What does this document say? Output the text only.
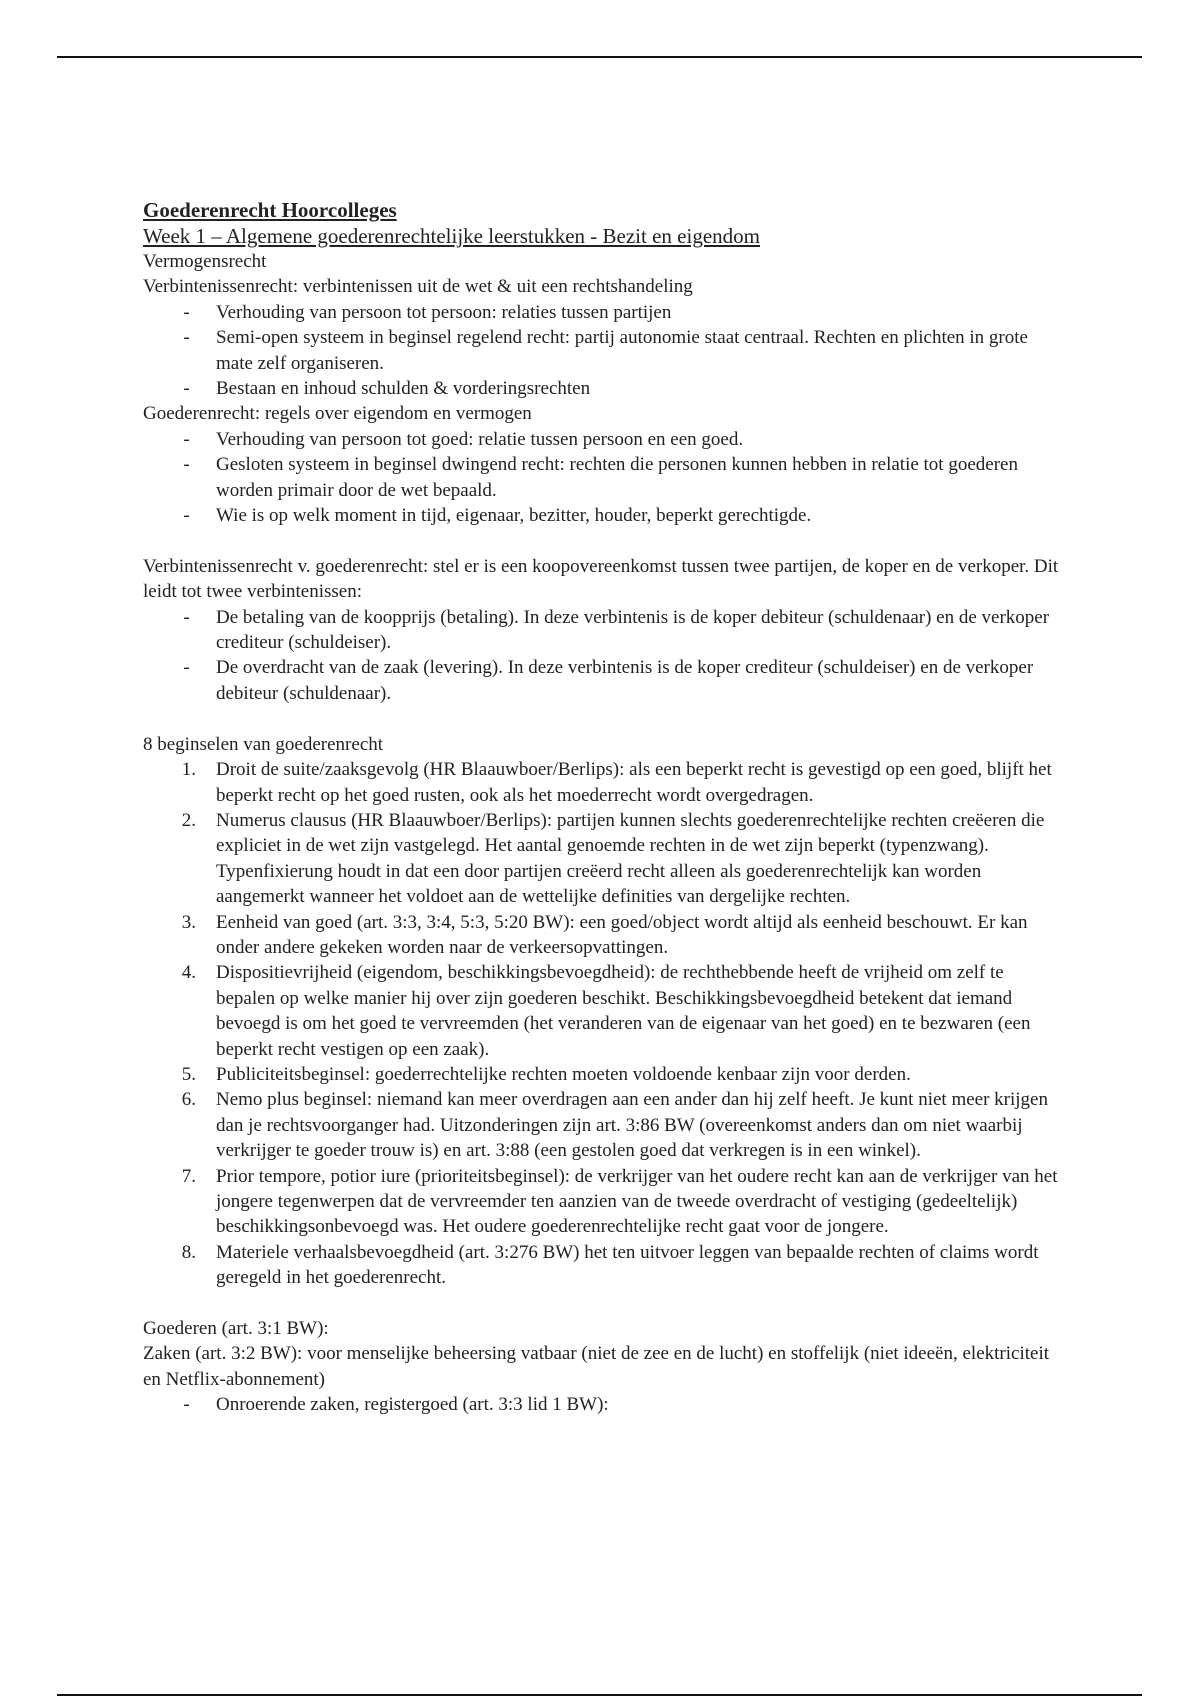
Goederenrecht Hoorcolleges
Week 1 – Algemene goederenrechtelijke leerstukken - Bezit en eigendom

Vermogensrecht

Verbintenissenrecht: verbintenissen uit de wet & uit een rechtshandeling

-	Verhouding van persoon tot persoon: relaties tussen partijen
-	Semi-open systeem in beginsel regelend recht: partij autonomie staat centraal. Rechten en plichten in grote mate zelf organiseren.
-	Bestaan en inhoud schulden & vorderingsrechten

Goederenrecht: regels over eigendom en vermogen

-	Verhouding van persoon tot goed: relatie tussen persoon en een goed.
-	Gesloten systeem in beginsel dwingend recht: rechten die personen kunnen hebben in relatie tot goederen worden primair door de wet bepaald.
-	Wie is op welk moment in tijd, eigenaar, bezitter, houder, beperkt gerechtigde.

Verbintenissenrecht v. goederenrecht: stel er is een koopovereenkomst tussen twee partijen, de koper en de verkoper. Dit leidt tot twee verbintenissen:

-	De betaling van de koopprijs (betaling). In deze verbintenis is de koper debiteur (schuldenaar) en de verkoper crediteur (schuldeiser).
-	De overdracht van de zaak (levering). In deze verbintenis is de koper crediteur (schuldeiser) en de verkoper debiteur (schuldenaar).

8 beginselen van goederenrecht

1.	Droit de suite/zaaksgevolg (HR Blaauwboer/Berlips): als een beperkt recht is gevestigd op een goed, blijft het beperkt recht op het goed rusten, ook als het moederrecht wordt overgedragen.
2.	Numerus clausus (HR Blaauwboer/Berlips): partijen kunnen slechts goederenrechtelijke rechten creëeren die expliciet in de wet zijn vastgelegd. Het aantal genoemde rechten in de wet zijn beperkt (typenzwang). Typenfixierung houdt in dat een door partijen creëerd recht alleen als goederenrechtelijk kan worden aangemerkt wanneer het voldoet aan de wettelijke definities van dergelijke rechten.
3.	Eenheid van goed (art. 3:3, 3:4, 5:3, 5:20 BW): een goed/object wordt altijd als eenheid beschouwt. Er kan onder andere gekeken worden naar de verkeersopvattingen.
4.	Dispositievrijheid (eigendom, beschikkingsbevoegdheid): de rechthebbende heeft de vrijheid om zelf te bepalen op welke manier hij over zijn goederen beschikt. Beschikkingsbevoegdheid betekent dat iemand bevoegd is om het goed te vervreemden (het veranderen van de eigenaar van het goed) en te bezwaren (een beperkt recht vestigen op een zaak).
5.	Publiciteitsbeginsel: goederrechtelijke rechten moeten voldoende kenbaar zijn voor derden.
6.	Nemo plus beginsel: niemand kan meer overdragen aan een ander dan hij zelf heeft. Je kunt niet meer krijgen dan je rechtsvoorganger had. Uitzonderingen zijn art. 3:86 BW (overeenkomst anders dan om niet waarbij verkrijger te goeder trouw is) en art. 3:88 (een gestolen goed dat verkregen is in een winkel).
7.	Prior tempore, potior iure (prioriteitsbeginsel): de verkrijger van het oudere recht kan aan de verkrijger van het jongere tegenwerpen dat de vervreemder ten aanzien van de tweede overdracht of vestiging (gedeeltelijk) beschikkingsonbevoegd was. Het oudere goederenrechtelijke recht gaat voor de jongere.
8.	Materiele verhaalsbevoegdheid (art. 3:276 BW) het ten uitvoer leggen van bepaalde rechten of claims wordt geregeld in het goederenrecht.

Goederen (art. 3:1 BW):

Zaken (art. 3:2 BW): voor menselijke beheersing vatbaar (niet de zee en de lucht) en stoffelijk (niet ideeën, elektriciteit en Netflix-abonnement)

-	Onroerende zaken, registergoed (art. 3:3 lid 1 BW):
